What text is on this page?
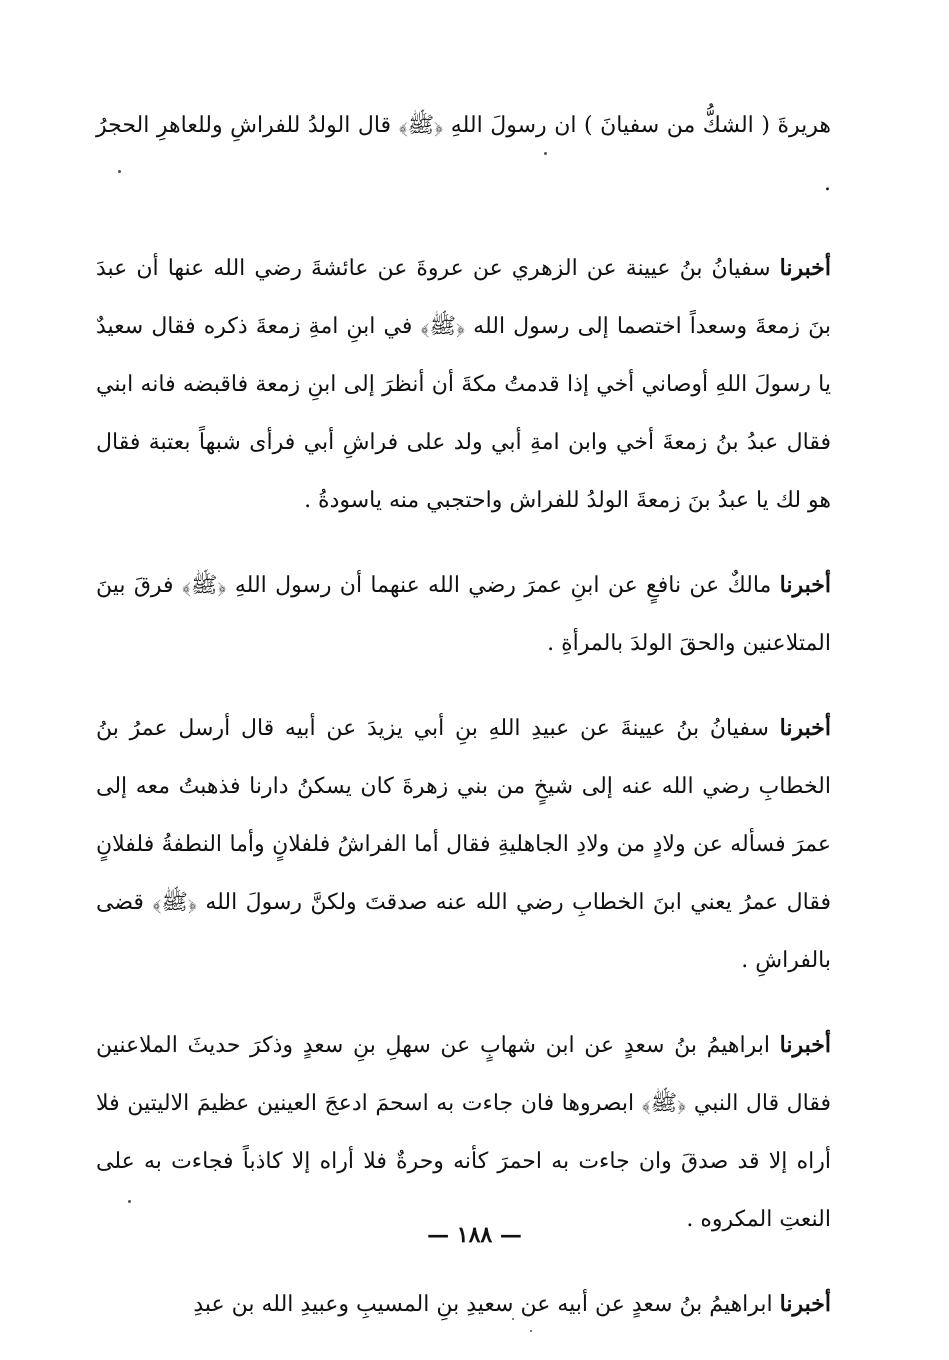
هريرةَ ( الشكُّ من سفيانَ ) ان رسولَ اللهِ ﴿ﷺ﴾ قال الولدُ للفراشِ وللعاهرِ الحجرُ .

أخبرنا سفيانُ بنُ عيينة عن الزهري عن عروةَ عن عائشةَ رضي الله عنها أن عبدَ بنَ زمعةَ وسعداً اختصما إلى رسول الله ﴿ﷺ﴾ في ابنِ امةِ زمعةَ ذكره فقال سعيدٌ يا رسولَ اللهِ أوصاني أخي إذا قدمتُ مكةَ أن أنظرَ إلى ابنِ زمعة فاقبضه فانه ابني فقال عبدُ بنُ زمعةَ أخي وابن امةِ أبي ولد على فراشِ أبي فرأى شبهاً بعتبة فقال هو لك يا عبدُ بنَ زمعةَ الولدُ للفراش واحتجبي منه ياسودةُ .

أخبرنا مالكٌ عن نافعٍ عن ابنِ عمرَ رضي الله عنهما أن رسول اللهِ ﴿ﷺ﴾ فرقَ بينَ المتلاعنين والحقَ الولدَ بالمرأةِ .

أخبرنا سفيانُ بنُ عيينةَ عن عبيدِ اللهِ بنِ أبي يزيدَ عن أبيه قال أرسل عمرُ بنُ الخطابِ رضي الله عنه إلى شيخٍ من بني زهرةَ كان يسكنُ دارنا فذهبتُ معه إلى عمرَ فسأله عن ولادٍ من ولادِ الجاهليةِ فقال أما الفراشُ فلفلانٍ وأما النطفةُ فلفلانٍ فقال عمرُ يعني ابنَ الخطابِ رضي الله عنه صدقتَ ولكنَّ رسولَ الله ﴿ﷺ﴾ قضى بالفراشِ .

أخبرنا ابراهيمُ بنُ سعدٍ عن ابن شهابٍ عن سهلِ بنِ سعدٍ وذكرَ حديثَ الملاعنين فقال قال النبي ﴿ﷺ﴾ ابصروها فان جاءت به اسحمَ ادعجَ العينين عظيمَ الاليتين فلا أراه إلا قد صدقَ وان جاءت به احمرَ كأنه وحرةٌ فلا أراه إلا كاذباً فجاءت به على النعتِ المكروه .

أخبرنا ابراهيمُ بنُ سعدٍ عن أبيه عن سعيدِ بنِ المسيبِ وعبيدِ الله بن عبدِ

— ١٨٨ —
